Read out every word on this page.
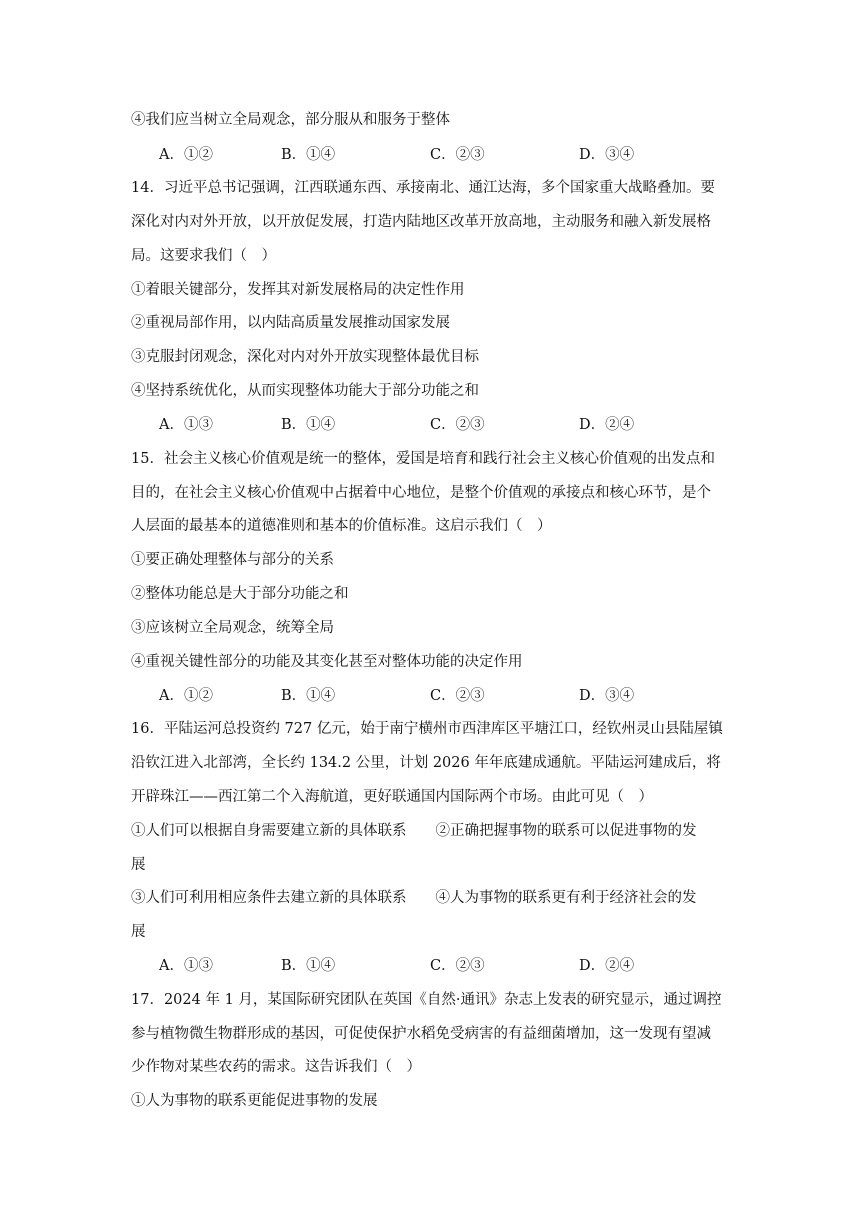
④我们应当树立全局观念，部分服从和服务于整体
A．①②	B．①④	C．②③	D．③④
14．习近平总书记强调，江西联通东西、承接南北、通江达海，多个国家重大战略叠加。要
深化对内对外开放，以开放促发展，打造内陆地区改革开放高地，主动服务和融入新发展格
局。这要求我们（　）
①着眼关键部分，发挥其对新发展格局的决定性作用
②重视局部作用，以内陆高质量发展推动国家发展
③克服封闭观念，深化对内对外开放实现整体最优目标
④坚持系统优化，从而实现整体功能大于部分功能之和
A．①③	B．①④	C．②③	D．②④
15．社会主义核心价值观是统一的整体，爱国是培育和践行社会主义核心价值观的出发点和
目的，在社会主义核心价值观中占据着中心地位，是整个价值观的承接点和核心环节，是个
人层面的最基本的道德准则和基本的价值标准。这启示我们（　）
①要正确处理整体与部分的关系
②整体功能总是大于部分功能之和
③应该树立全局观念，统筹全局
④重视关键性部分的功能及其变化甚至对整体功能的决定作用
A．①②	B．①④	C．②③	D．③④
16．平陆运河总投资约 727 亿元，始于南宁横州市西津库区平塘江口，经钦州灵山县陆屋镇
沿钦江进入北部湾，全长约 134.2 公里，计划 2026 年年底建成通航。平陆运河建成后，将
开辟珠江——西江第二个入海航道，更好联通国内国际两个市场。由此可见（　）
①人们可以根据自身需要建立新的具体联系　　②正确把握事物的联系可以促进事物的发
展
③人们可利用相应条件去建立新的具体联系　　④人为事物的联系更有利于经济社会的发
展
A．①③	B．①④	C．②③	D．②④
17．2024 年 1 月，某国际研究团队在英国《自然·通讯》杂志上发表的研究显示，通过调控
参与植物微生物群形成的基因，可促使保护水稻免受病害的有益细菌增加，这一发现有望减
少作物对某些农药的需求。这告诉我们（　）
①人为事物的联系更能促进事物的发展
